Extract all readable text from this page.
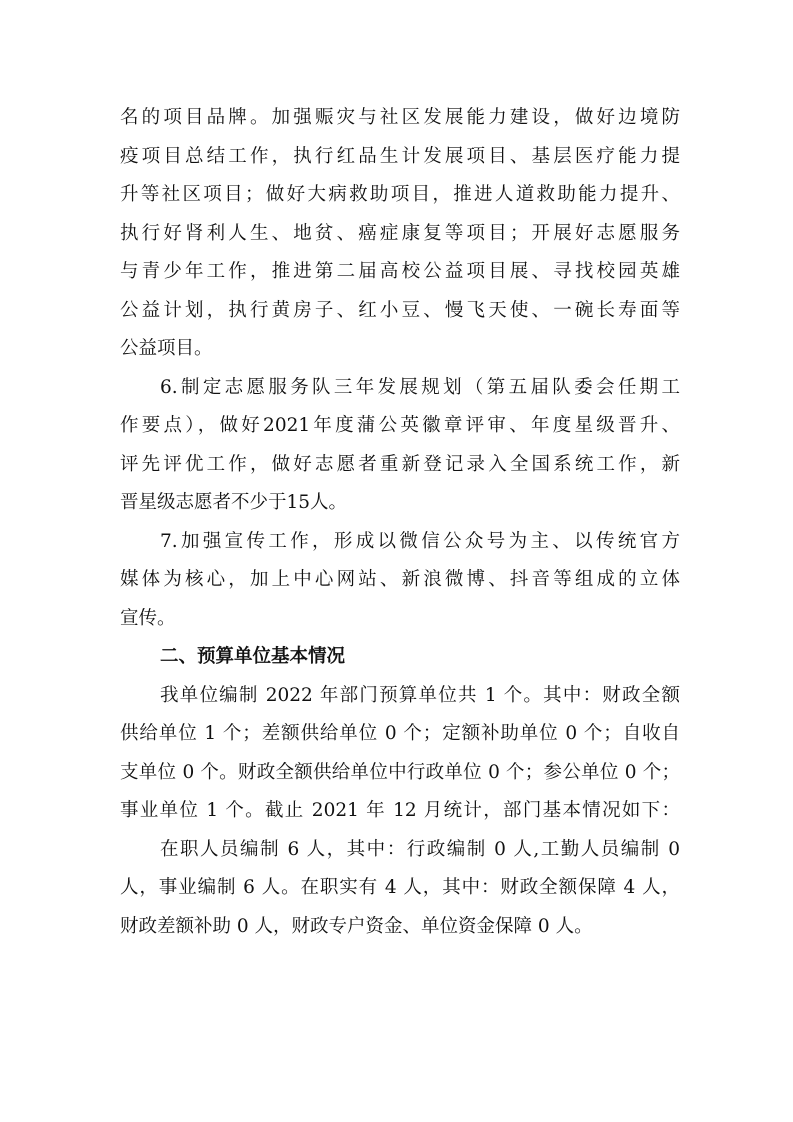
名的项目品牌。加强赈灾与社区发展能力建设，做好边境防
疫项目总结工作，执行红品生计发展项目、基层医疗能力提
升等社区项目；做好大病救助项目，推进人道救助能力提升、
执行好肾利人生、地贫、癌症康复等项目；开展好志愿服务
与青少年工作，推进第二届高校公益项目展、寻找校园英雄
公益计划，执行黄房子、红小豆、慢飞天使、一碗长寿面等
公益项目。
6.制定志愿服务队三年发展规划（第五届队委会任期工
作要点），做好2021年度蒲公英徽章评审、年度星级晋升、
评先评优工作，做好志愿者重新登记录入全国系统工作，新
晋星级志愿者不少于15人。
7.加强宣传工作，形成以微信公众号为主、以传统官方
媒体为核心，加上中心网站、新浪微博、抖音等组成的立体
宣传。
二、预算单位基本情况
我单位编制 2022 年部门预算单位共 1 个。其中：财政全额
供给单位 1 个；差额供给单位 0 个；定额补助单位 0 个；自收自
支单位 0 个。财政全额供给单位中行政单位 0 个；参公单位 0 个；
事业单位 1 个。截止 2021 年 12 月统计，部门基本情况如下：
在职人员编制 6 人，其中：行政编制 0 人,工勤人员编制 0
人，事业编制 6 人。在职实有 4 人，其中：财政全额保障 4 人，
财政差额补助 0 人，财政专户资金、单位资金保障 0 人。
